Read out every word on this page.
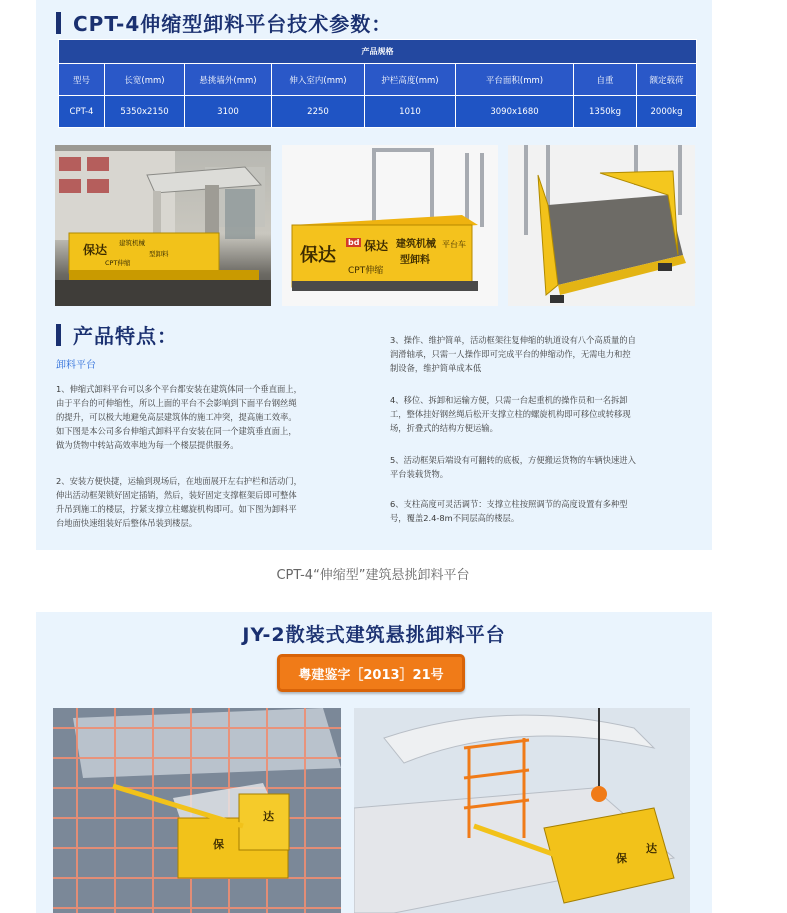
CPT-4伸缩型卸料平台技术参数：
产品规格							
型号	长宽(mm)	悬挑墙外(mm)	伸入室内(mm)	护栏高度(mm)	平台面积(mm)	自重	额定载荷
CPT-4	5350x2150	3100	2250	1010	3090x1680	1350kg	2000kg
保达 建筑机械
型卸料
CPT伸缩
bd 保达 建筑机械
型卸料
平台车
CPT伸缩
保达
产品特点：
卸料平台
1、伸缩式卸料平台可以多个平台都安装在建筑体同一个垂直面上，
由于平台的可伸缩性，所以上面的平台不会影响到下面平台钢丝绳
的提升，可以极大地避免高层建筑体的施工冲突，提高施工效率。
如下图是本公司多台伸缩式卸料平台安装在同一个建筑垂直面上，
做为货物中转站高效率地为每一个楼层提供服务。
2、安装方便快捷，运输到现场后，在地面展开左右护栏和活动门，
伸出活动框架锁好固定插销，然后，装好固定支撑框架后即可整体
升吊到施工的楼层，拧紧支撑立柱螺旋机构即可。如下图为卸料平
台地面快速组装好后整体吊装到楼层。
3、操作、维护简单，活动框架往复伸缩的轨道设有八个高质量的自
润滑轴承，只需一人操作即可完成平台的伸缩动作，无需电力和控
制设备，维护简单成本低
4、移位、拆卸和运输方便，只需一台起重机的操作员和一名拆卸
工，整体挂好钢丝绳后松开支撑立柱的螺旋机构即可移位或转移现
场，折叠式的结构方便运输。
5、活动框架后端设有可翻转的底板，方便搬运货物的车辆快速进入
平台装载货物。
6、支柱高度可灵活调节：支撑立柱按照调节的高度设置有多种型
号，覆盖2.4-8m不同层高的楼层。
CPT-4“伸缩型”建筑悬挑卸料平台
JY-2散装式建筑悬挑卸料平台
粤建鉴字［2013］21号
保
达
保
达
